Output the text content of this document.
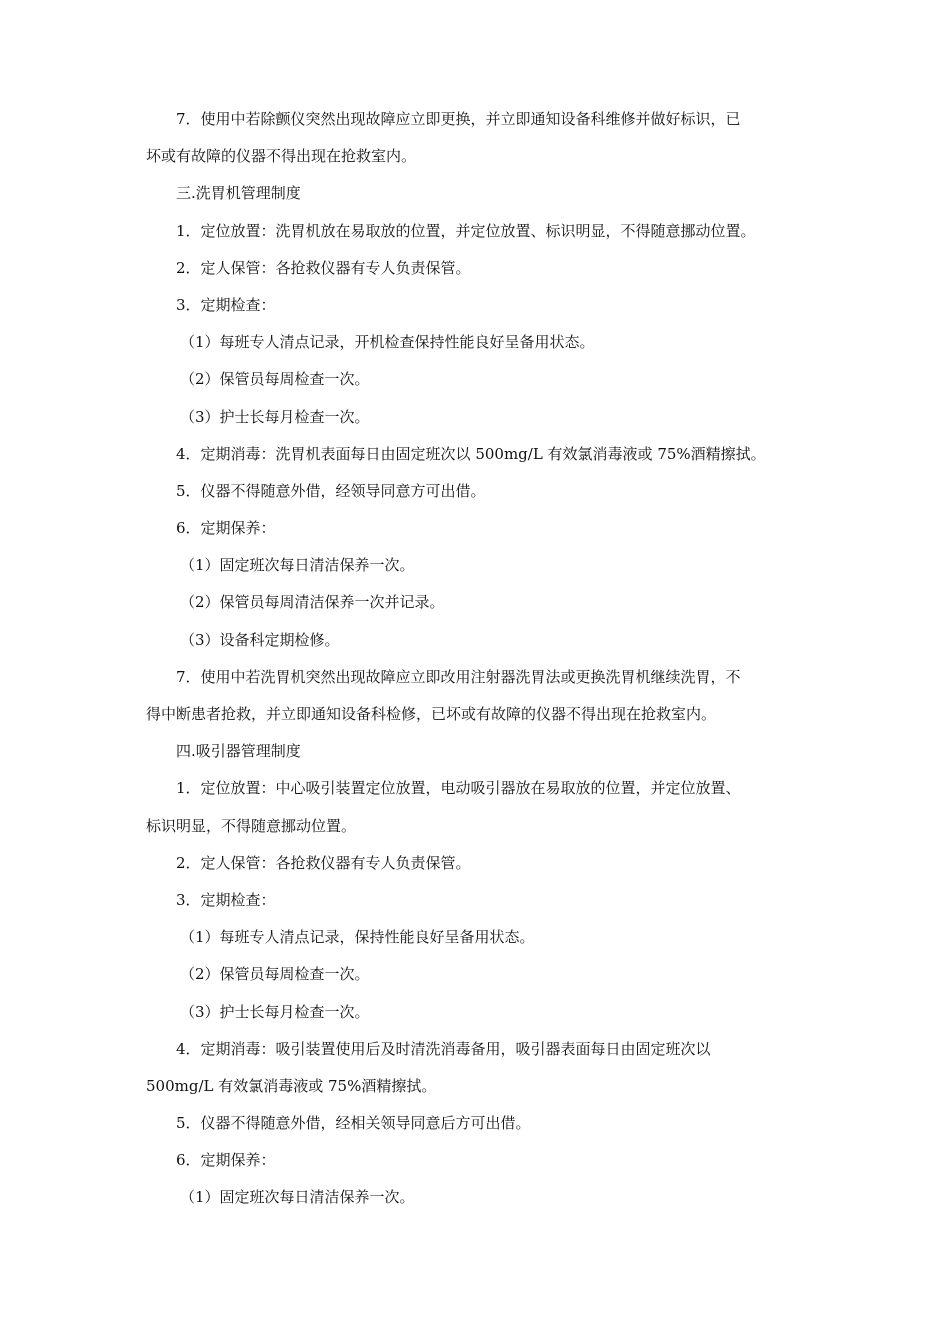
7．使用中若除颤仪突然出现故障应立即更换，并立即通知设备科维修并做好标识，已
坏或有故障的仪器不得出现在抢救室内。
三.洗胃机管理制度
1．定位放置：洗胃机放在易取放的位置，并定位放置、标识明显，不得随意挪动位置。
2．定人保管：各抢救仪器有专人负责保管。
3．定期检查：
（1）每班专人清点记录，开机检查保持性能良好呈备用状态。
（2）保管员每周检查一次。
（3）护士长每月检查一次。
4．定期消毒：洗胃机表面每日由固定班次以 500mg/L 有效氯消毒液或 75%酒精擦拭。
5．仪器不得随意外借，经领导同意方可出借。
6．定期保养：
（1）固定班次每日清洁保养一次。
（2）保管员每周清洁保养一次并记录。
（3）设备科定期检修。
7．使用中若洗胃机突然出现故障应立即改用注射器洗胃法或更换洗胃机继续洗胃，不
得中断患者抢救，并立即通知设备科检修，已坏或有故障的仪器不得出现在抢救室内。
四.吸引器管理制度
1．定位放置：中心吸引装置定位放置，电动吸引器放在易取放的位置，并定位放置、
标识明显，不得随意挪动位置。
2．定人保管：各抢救仪器有专人负责保管。
3．定期检查：
（1）每班专人清点记录，保持性能良好呈备用状态。
（2）保管员每周检查一次。
（3）护士长每月检查一次。
4．定期消毒：吸引装置使用后及时清洗消毒备用，吸引器表面每日由固定班次以
500mg/L 有效氯消毒液或 75%酒精擦拭。
5．仪器不得随意外借，经相关领导同意后方可出借。
6．定期保养：
（1）固定班次每日清洁保养一次。
